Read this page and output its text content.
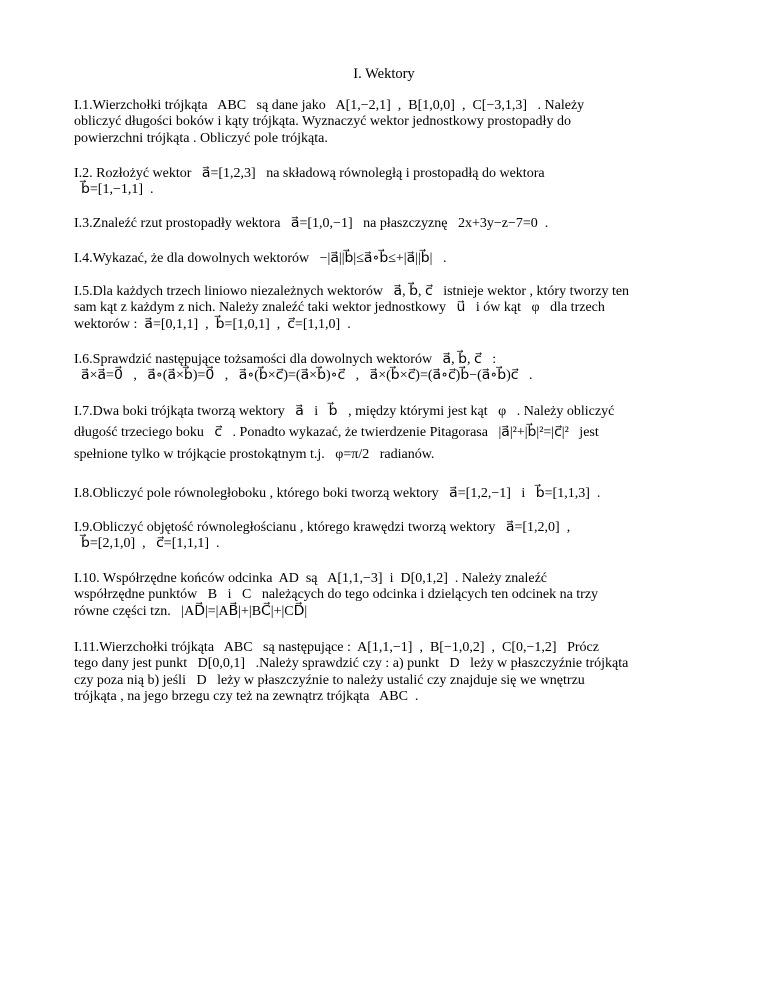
I. Wektory

I.1.Wierzchołki trójkąta   ABC   są dane jako   A[1,−2,1]  ,  B[1,0,0]  ,  C[−3,1,3]   . Należy

obliczyć długości boków i kąty trójkąta. Wyznaczyć wektor jednostkowy prostopadły do

powierzchni trójkąta . Obliczyć pole trójkąta.

I.2. Rozłożyć wektor   a⃗=[1,2,3]   na składową równoległą i prostopadłą do wektora

b⃗=[1,−1,1]  .

I.3.Znaleźć rzut prostopadły wektora   a⃗=[1,0,−1]   na płaszczyznę   2x+3y−z−7=0  .

I.4.Wykazać, że dla dowolnych wektorów   −|a⃗||b⃗|≤a⃗∘b⃗≤+|a⃗||b⃗|   .

I.5.Dla każdych trzech liniowo niezależnych wektorów   a⃗, b⃗, c⃗   istnieje wektor , który tworzy ten

sam kąt z każdym z nich. Należy znaleźć taki wektor jednostkowy   u⃗   i ów kąt   φ   dla trzech

wektorów :  a⃗=[0,1,1]  ,  b⃗=[1,0,1]  ,  c⃗=[1,1,0]  .

I.6.Sprawdzić następujące tożsamości dla dowolnych wektorów   a⃗, b⃗, c⃗   :

a⃗×a⃗=0⃗   ,   a⃗∘(a⃗×b⃗)=0⃗   ,   a⃗∘(b⃗×c⃗)=(a⃗×b⃗)∘c⃗   ,   a⃗×(b⃗×c⃗)=(a⃗∘c⃗)b⃗−(a⃗∘b⃗)c⃗   .

I.7.Dwa boki trójkąta tworzą wektory   a⃗   i   b⃗   , między którymi jest kąt   φ   . Należy obliczyć

długość trzeciego boku   c⃗   . Ponadto wykazać, że twierdzenie Pitagorasa   |a⃗|²+|b⃗|²=|c⃗|²   jest

spełnione tylko w trójkącie prostokątnym t.j.   φ=π/2   radianów.

I.8.Obliczyć pole równoległoboku , którego boki tworzą wektory   a⃗=[1,2,−1]   i   b⃗=[1,1,3]  .

I.9.Obliczyć objętość równoległościanu , którego krawędzi tworzą wektory   a⃗=[1,2,0]  ,

b⃗=[2,1,0]  ,   c⃗=[1,1,1]  .

I.10. Współrzędne końców odcinka  AD  są   A[1,1,−3]  i  D[0,1,2]  . Należy znaleźć

współrzędne punktów   B   i   C   należących do tego odcinka i dzielących ten odcinek na trzy

równe części tzn.   |AD⃗|=|AB⃗|+|BC⃗|+|CD⃗|

I.11.Wierzchołki trójkąta   ABC   są następujące :  A[1,1,−1]  ,  B[−1,0,2]  ,  C[0,−1,2]   Prócz

tego dany jest punkt   D[0,0,1]   .Należy sprawdzić czy : a) punkt   D   leży w płaszczyźnie trójkąta

czy poza nią b) jeśli   D   leży w płaszczyźnie to należy ustalić czy znajduje się we wnętrzu

trójkąta , na jego brzegu czy też na zewnątrz trójkąta   ABC  .
